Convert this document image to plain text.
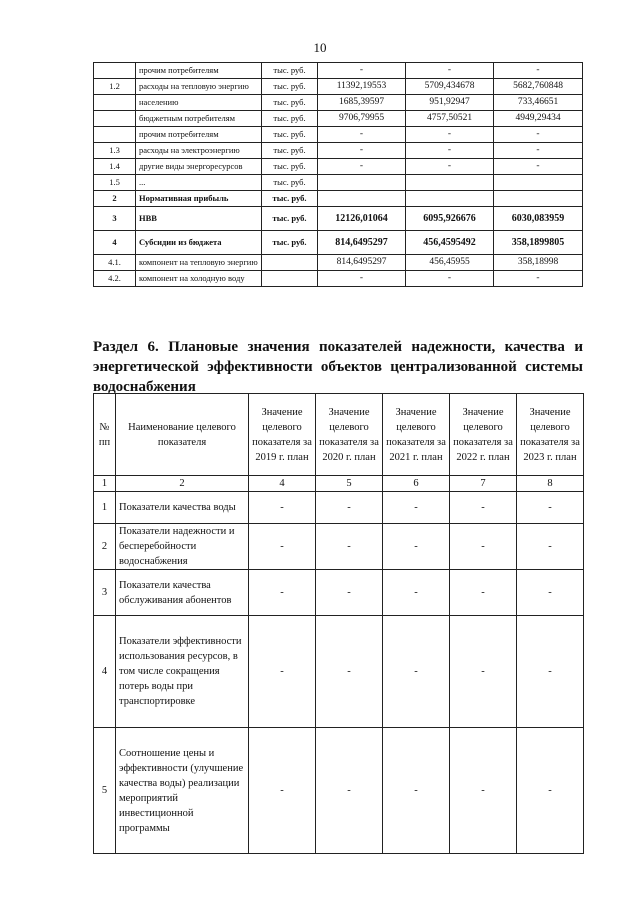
10
	прочим потребителям	тыс. руб.	-	-	-
1.2	расходы на тепловую энергию	тыс. руб.	11392,19553	5709,434678	5682,760848
	населению	тыс. руб.	1685,39597	951,92947	733,46651
	бюджетным потребителям	тыс. руб.	9706,79955	4757,50521	4949,29434
	прочим потребителям	тыс. руб.	-	-	-
1.3	расходы на электроэнергию	тыс. руб.	-	-	-
1.4	другие виды энергоресурсов	тыс. руб.	-	-	-
1.5	...	тыс. руб.			
2	Нормативная прибыль	тыс. руб.			
3	НВВ	тыс. руб.	12126,01064	6095,926676	6030,083959
4	Субсидии из бюджета	тыс. руб.	814,6495297	456,4595492	358,1899805
4.1.	компонент на тепловую энергию		814,6495297	456,45955	358,18998
4.2.	компонент на холодную воду		-	-	-
Раздел 6. Плановые значения показателей надежности, качества и энергетической эффективности объектов централизованной системы водоснабжения
№ пп	Наименование целевого показателя	Значение целевого показателя за 2019 г. план	Значение целевого показателя за 2020 г. план	Значение целевого показателя за 2021 г. план	Значение целевого показателя за 2022 г. план	Значение целевого показателя за 2023 г. план
1	2	4	5	6	7	8
1	Показатели качества воды	-	-	-	-	-
2	Показатели надежности и бесперебойности водоснабжения	-	-	-	-	-
3	Показатели качества обслуживания абонентов	-	-	-	-	-
4	Показатели эффективности использования ресурсов, в том числе сокращения потерь воды при транспортировке	-	-	-	-	-
5	Соотношение цены и эффективности (улучшение качества воды) реализации мероприятий инвестиционной программы	-	-	-	-	-
